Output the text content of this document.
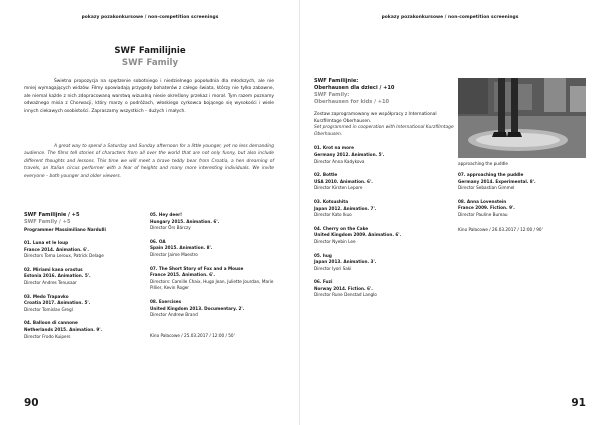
pokazy pozakonkursowe / non-competition screenings
SWF Familijnie
SWF Family

Świetna propozycja na spędzenie sobotniego i niedzielnego popołudnia dla młodszych, ale nie mniej wymagających widzów. Filmy opowiadają przygody bohaterów z całego świata, którzy nie tylko zabawne, ale niemal każde z nich zdopracowaną warstwą wizualną niesie określony przekaz i morał. Tym razem poznamy odważnego misia z Chorwacji, który marzy o podróżach, włoskiego cyrkowca bojącego się wysokości i wiele innych ciekawych osobistości. Zapraszamy wszystkich – dużych i małych.

A great way to spend a Saturday and Sunday afternoon for a little younger, yet no less demanding audience. The films tell stories of characters from all over the world that are not only funny, but also include different thoughts and lessons. This time we will meet a brave teddy bear from Croatia, a hen dreaming of travels, an Italian circus performer with a fear of heights and many more interesting individuals. We invite everyone – both younger and older viewers.

SWF Familijnie / +5
SWF Family / +5
Programmer Massimiliano Nardulli

01. Luna et le loup

France 2014. Animation. 6'.

Directors Toma Leroux, Patrick Delage

02. Miriami kana orastus

Estonia 2016. Animation. 5'.

Director Andres Tenusaar

03. Medo Trapavko

Croatia 2017. Animation. 5'.

Director Tomislav Gregl

04. Balloon di cannone

Netherlands 2015. Animation. 9'.

Director Frodo Kuipers

05. Hey deer!

Hungary 2015. Animation. 6'.

Director Örs Bárczy

06. OA

Spain 2015. Animation. 8'.

Director Jaime Maestro

07. The Short Story of Fox and a Mouse

France 2015. Animation. 6'.

Directors: Camille Chaix, Hugo Jean, Juliette Jourdan, Marie Pillier, Kevin Roger

08. Exercises

United Kingdom 2013. Documentary. 2'.

Director Andrew Brand

Kino Pałacowe / 25.03.2017 / 12:00 / 50'
90
pokazy pozakonkursowe / non-competition screenings
SWF Familijnie:
Oberhausen dla dzieci / +10
SWF Family:
Oberhausen for kids / +10

Zestaw zaprogramowany we współpracy z International Kurzfilmtage Oberhausen.

Set programmed in cooperation with International Kurzfilmtage Oberhausen.

01. Krot na more

Germany 2012. Animation. 5'.

Director Anna Kadykova

02. Bottle

USA 2010. Animation. 6'.

Director Kirsten Lepore

03. Kotsushita

Japan 2012. Animation. 7'.

Director Kato Ikuo

04. Cherry on the Cake

United Kingdom 2009. Animation. 6'.

Director Nyebin Lee

05. hug

Japan 2013. Animation. 3'.

Director Iyori Saki

06. Fuzi

Norway 2014. Fiction. 6'.

Director Rune Denstad Langlo

approaching the puddle

07. approaching the puddle

Germany 2014. Experimental. 8'.

Director Sebastian Gimmel

08. Anna Lovenstein

France 2009. Fiction. 9'.

Director Pauline Bureau

Kino Pałacowe / 26.03.2017 / 12:00 / 90'
91
